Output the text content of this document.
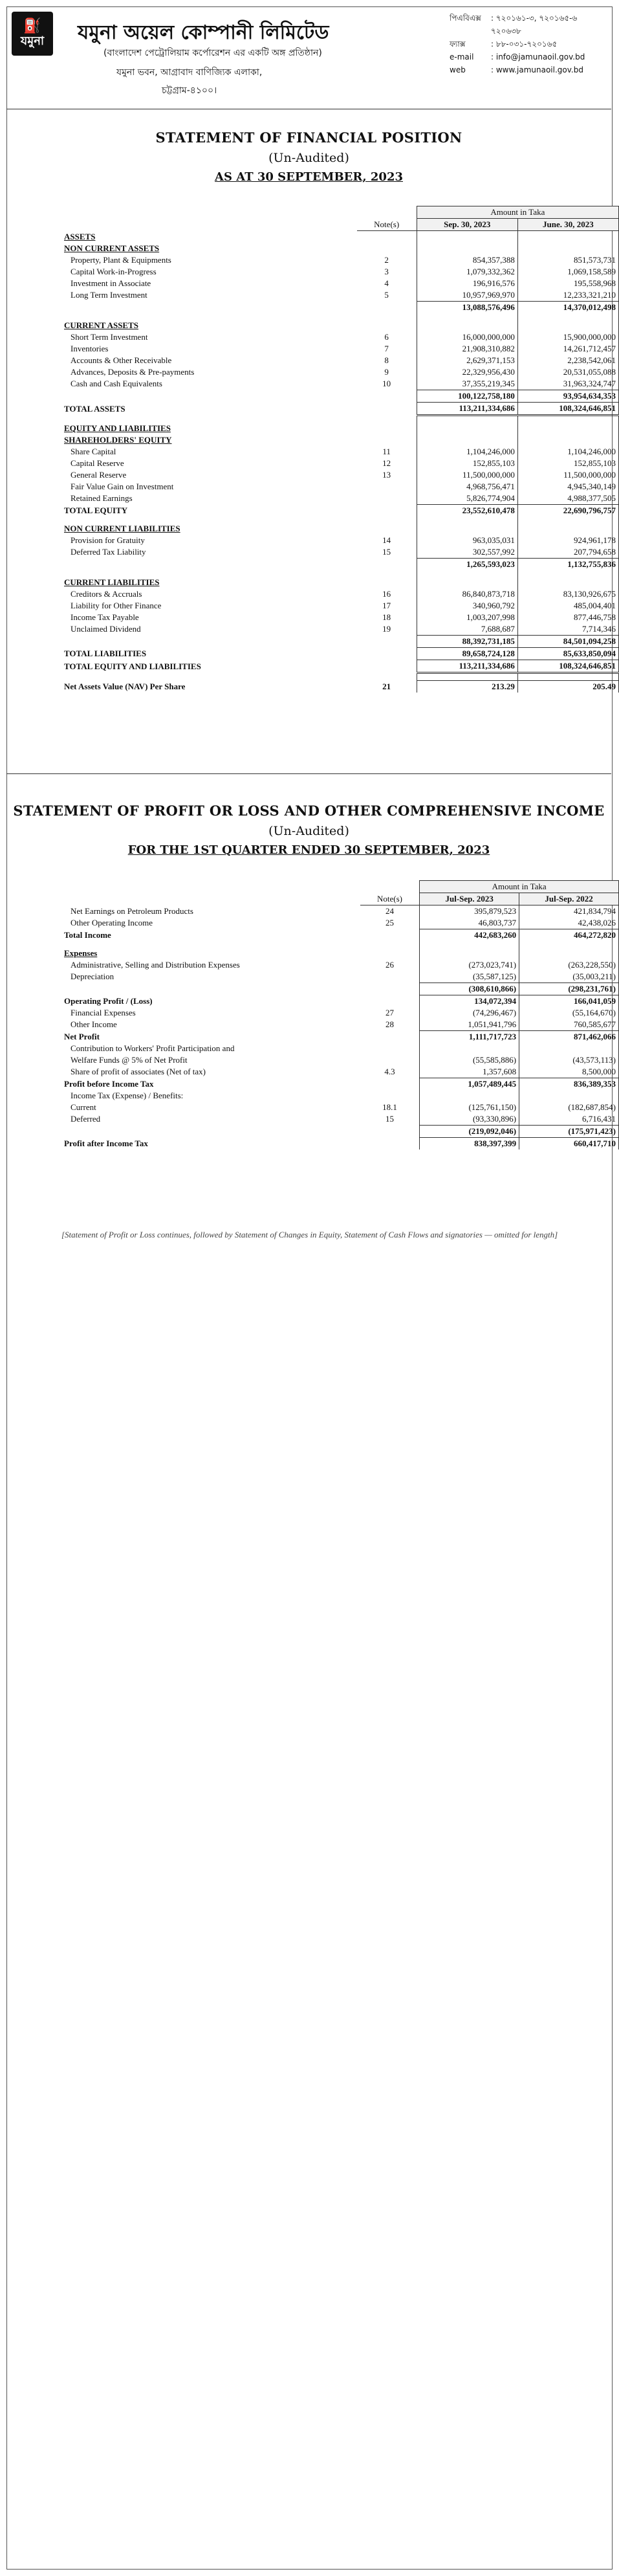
⛽
যমুনা যমুনা অয়েল কোম্পানী লিমিটেড
(বাংলাদেশ পেট্রোলিয়াম কর্পোরেশন এর একটি অঙ্গ প্রতিষ্ঠান)
যমুনা ভবন, আগ্রাবাদ বাণিজ্যিক এলাকা,
চট্টগ্রাম-৪১০০।
পিএবিএক্স	: ৭২০১৬১-৩, ৭২০১৬৫-৬
৭২০৬৩৮
ফ্যাক্স	: ৮৮-০৩১-৭২০১৬৫
e-mail	: info@jamunaoil.gov.bd
web	: www.jamunaoil.gov.bd
STATEMENT OF FINANCIAL POSITION
(Un-Audited)
AS AT 30 SEPTEMBER, 2023
		Amount in Taka	
	Note(s)	Sep. 30, 2023	June. 30, 2023
ASSETS			
NON CURRENT ASSETS			
Property, Plant & Equipments	2	854,357,388	851,573,731
Capital Work-in-Progress	3	1,079,332,362	1,069,158,589
Investment in Associate	4	196,916,576	195,558,968
Long Term Investment	5	10,957,969,970	12,233,321,210
		13,088,576,496	14,370,012,498

CURRENT ASSETS			
Short Term Investment	6	16,000,000,000	15,900,000,000
Inventories	7	21,908,310,882	14,261,712,457
Accounts & Other Receivable	8	2,629,371,153	2,238,542,061
Advances, Deposits & Pre-payments	9	22,329,956,430	20,531,055,088
Cash and Cash Equivalents	10	37,355,219,345	31,963,324,747
		100,122,758,180	93,954,634,353
TOTAL ASSETS		113,211,334,686	108,324,646,851

EQUITY AND LIABILITIES			
SHAREHOLDERS' EQUITY			
Share Capital	11	1,104,246,000	1,104,246,000
Capital Reserve	12	152,855,103	152,855,103
General Reserve	13	11,500,000,000	11,500,000,000
Fair Value Gain on Investment		4,968,756,471	4,945,340,149
Retained Earnings		5,826,774,904	4,988,377,505
TOTAL EQUITY		23,552,610,478	22,690,796,757

NON CURRENT LIABILITIES			
Provision for Gratuity	14	963,035,031	924,961,178
Deferred Tax Liability	15	302,557,992	207,794,658
		1,265,593,023	1,132,755,836

CURRENT LIABILITIES			
Creditors & Accruals	16	86,840,873,718	83,130,926,675
Liability for Other Finance	17	340,960,792	485,004,401
Income Tax Payable	18	1,003,207,998	877,446,758
Unclaimed Dividend	19	7,688,687	7,714,346
		88,392,731,185	84,501,094,258
TOTAL LIABILITIES		89,658,724,128	85,633,850,094
TOTAL EQUITY AND LIABILITIES		113,211,334,686	108,324,646,851

Net Assets Value (NAV) Per Share	21	213.29	205.49
STATEMENT OF PROFIT OR LOSS AND OTHER COMPREHENSIVE INCOME
(Un-Audited)
FOR THE 1ST QUARTER ENDED 30 SEPTEMBER, 2023
		Amount in Taka	
	Note(s)	Jul-Sep. 2023	Jul-Sep. 2022
Net Earnings on Petroleum Products	24	395,879,523	421,834,794
Other Operating Income	25	46,803,737	42,438,026
Total Income		442,683,260	464,272,820

Expenses			
Administrative, Selling and Distribution Expenses	26	(273,023,741)	(263,228,550)
Depreciation		(35,587,125)	(35,003,211)
		(308,610,866)	(298,231,761)
Operating Profit / (Loss)		134,072,394	166,041,059
Financial Expenses	27	(74,296,467)	(55,164,670)
Other Income	28	1,051,941,796	760,585,677
Net Profit		1,111,717,723	871,462,066
Contribution to Workers' Profit Participation and			
Welfare Funds @ 5% of Net Profit		(55,585,886)	(43,573,113)
Share of profit of associates (Net of tax)	4.3	1,357,608	8,500,000
Profit before Income Tax		1,057,489,445	836,389,353
Income Tax (Expense) / Benefits:			
Current	18.1	(125,761,150)	(182,687,854)
Deferred	15	(93,330,896)	6,716,431
		(219,092,046)	(175,971,423)
Profit after Income Tax		838,397,399	660,417,710
[Statement of Profit or Loss continues, followed by Statement of Changes in Equity, Statement of Cash Flows and signatories — omitted for length]
